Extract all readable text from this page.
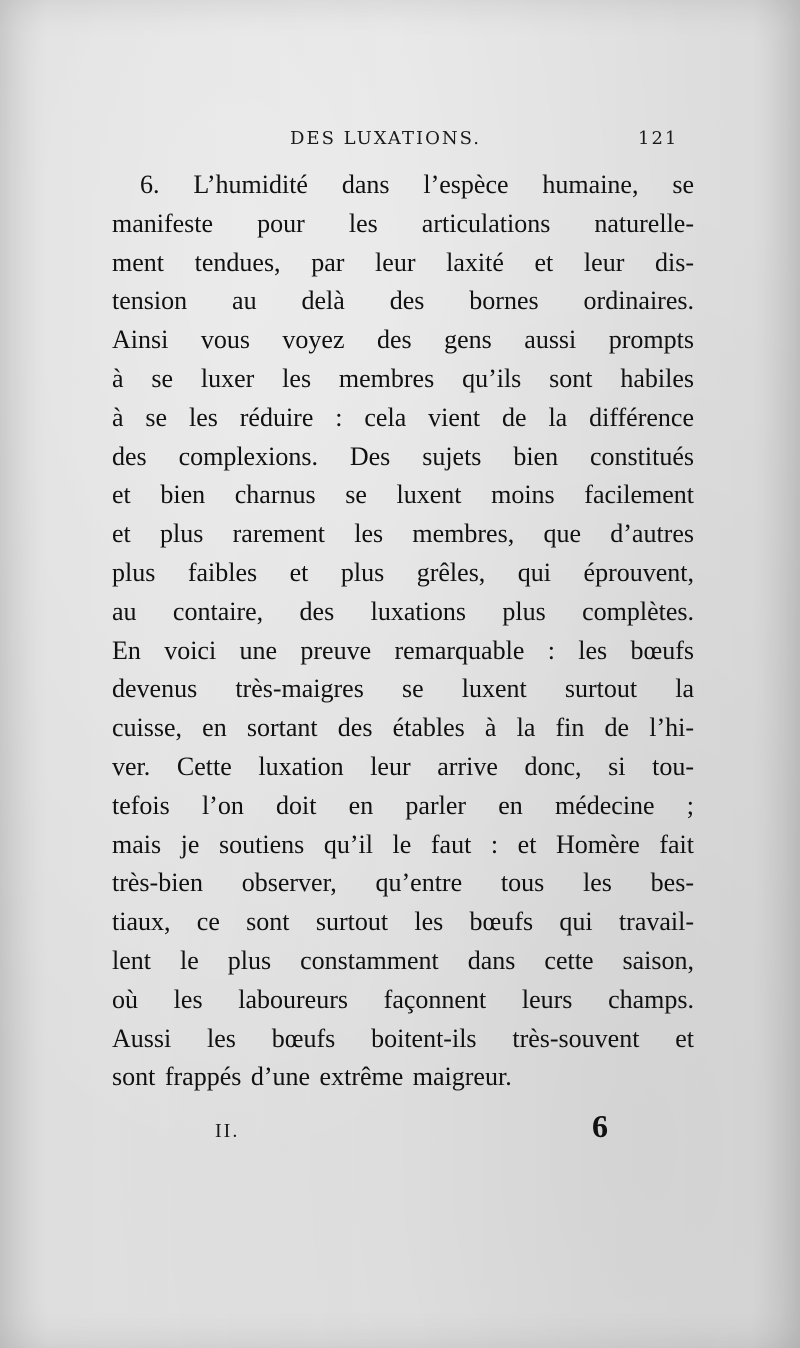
DES LUXATIONS.	121
6. L’humidité dans l’espèce humaine, se
manifeste pour les articulations naturelle-
ment tendues, par leur laxité et leur dis-
tension au delà des bornes ordinaires.
Ainsi vous voyez des gens aussi prompts
à se luxer les membres qu’ils sont habiles
à se les réduire : cela vient de la différence
des complexions. Des sujets bien constitués
et bien charnus se luxent moins facilement
et plus rarement les membres, que d’autres
plus faibles et plus grêles, qui éprouvent,
au contaire, des luxations plus complètes.
En voici une preuve remarquable : les bœufs
devenus très-maigres se luxent surtout la
cuisse, en sortant des étables à la fin de l’hi-
ver. Cette luxation leur arrive donc, si tou-
tefois l’on doit en parler en médecine ;
mais je soutiens qu’il le faut : et Homère fait
très-bien observer, qu’entre tous les bes-
tiaux, ce sont surtout les bœufs qui travail-
lent le plus constamment dans cette saison,
où les laboureurs façonnent leurs champs.
Aussi les bœufs boitent-ils très-souvent et
sont frappés d’une extrême maigreur.
II.	6
